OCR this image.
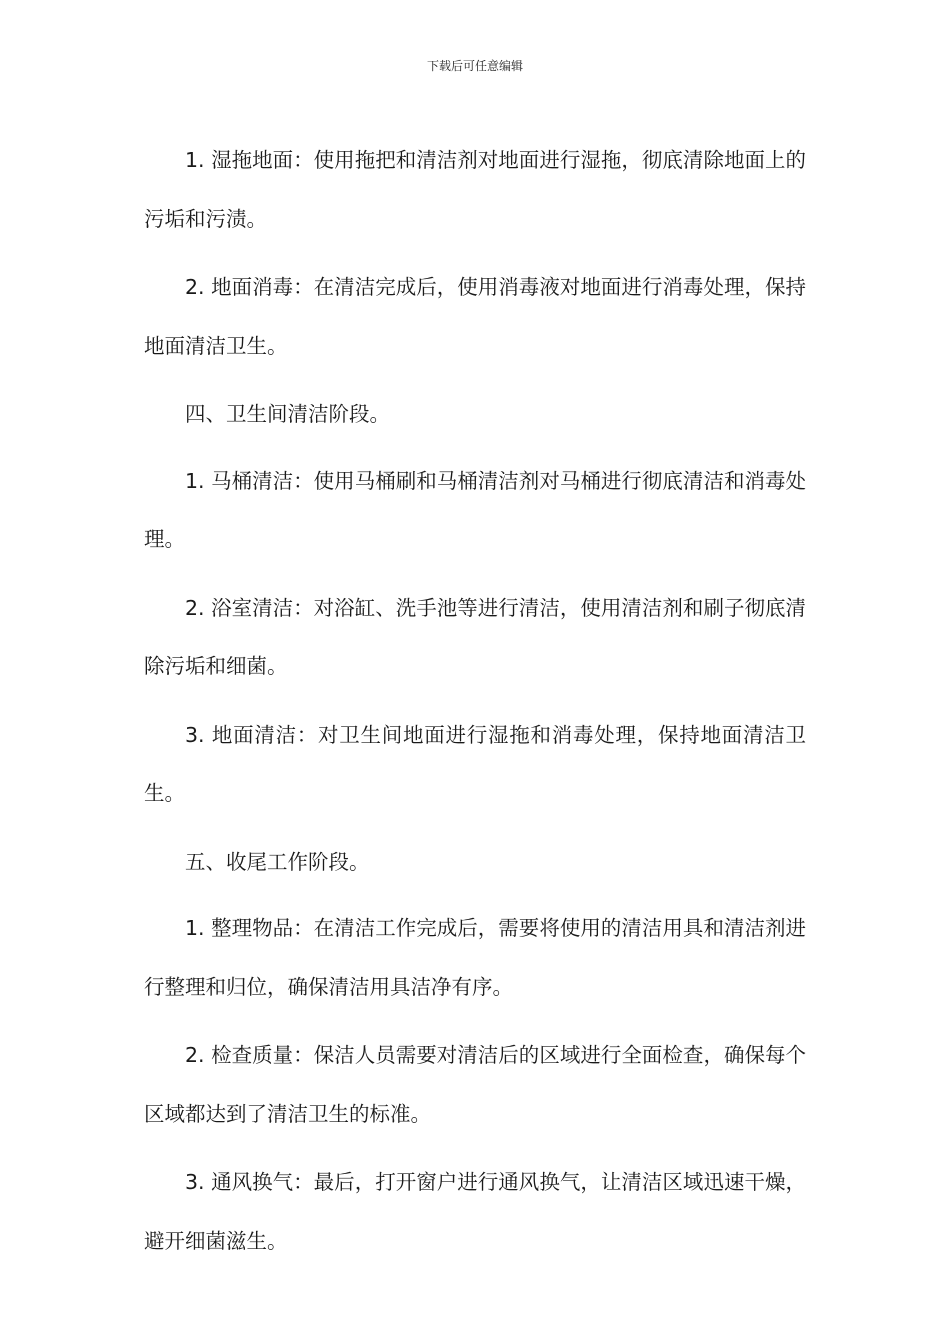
下载后可任意编辑

1. 湿拖地面：使用拖把和清洁剂对地面进行湿拖，彻底清除地面上的污垢和污渍。

2. 地面消毒：在清洁完成后，使用消毒液对地面进行消毒处理，保持地面清洁卫生。

四、卫生间清洁阶段。

1. 马桶清洁：使用马桶刷和马桶清洁剂对马桶进行彻底清洁和消毒处理。

2. 浴室清洁：对浴缸、洗手池等进行清洁，使用清洁剂和刷子彻底清除污垢和细菌。

3. 地面清洁：对卫生间地面进行湿拖和消毒处理，保持地面清洁卫生。

五、收尾工作阶段。

1. 整理物品：在清洁工作完成后，需要将使用的清洁用具和清洁剂进行整理和归位，确保清洁用具洁净有序。

2. 检查质量：保洁人员需要对清洁后的区域进行全面检查，确保每个区域都达到了清洁卫生的标准。

3. 通风换气：最后，打开窗户进行通风换气，让清洁区域迅速干燥，避开细菌滋生。
